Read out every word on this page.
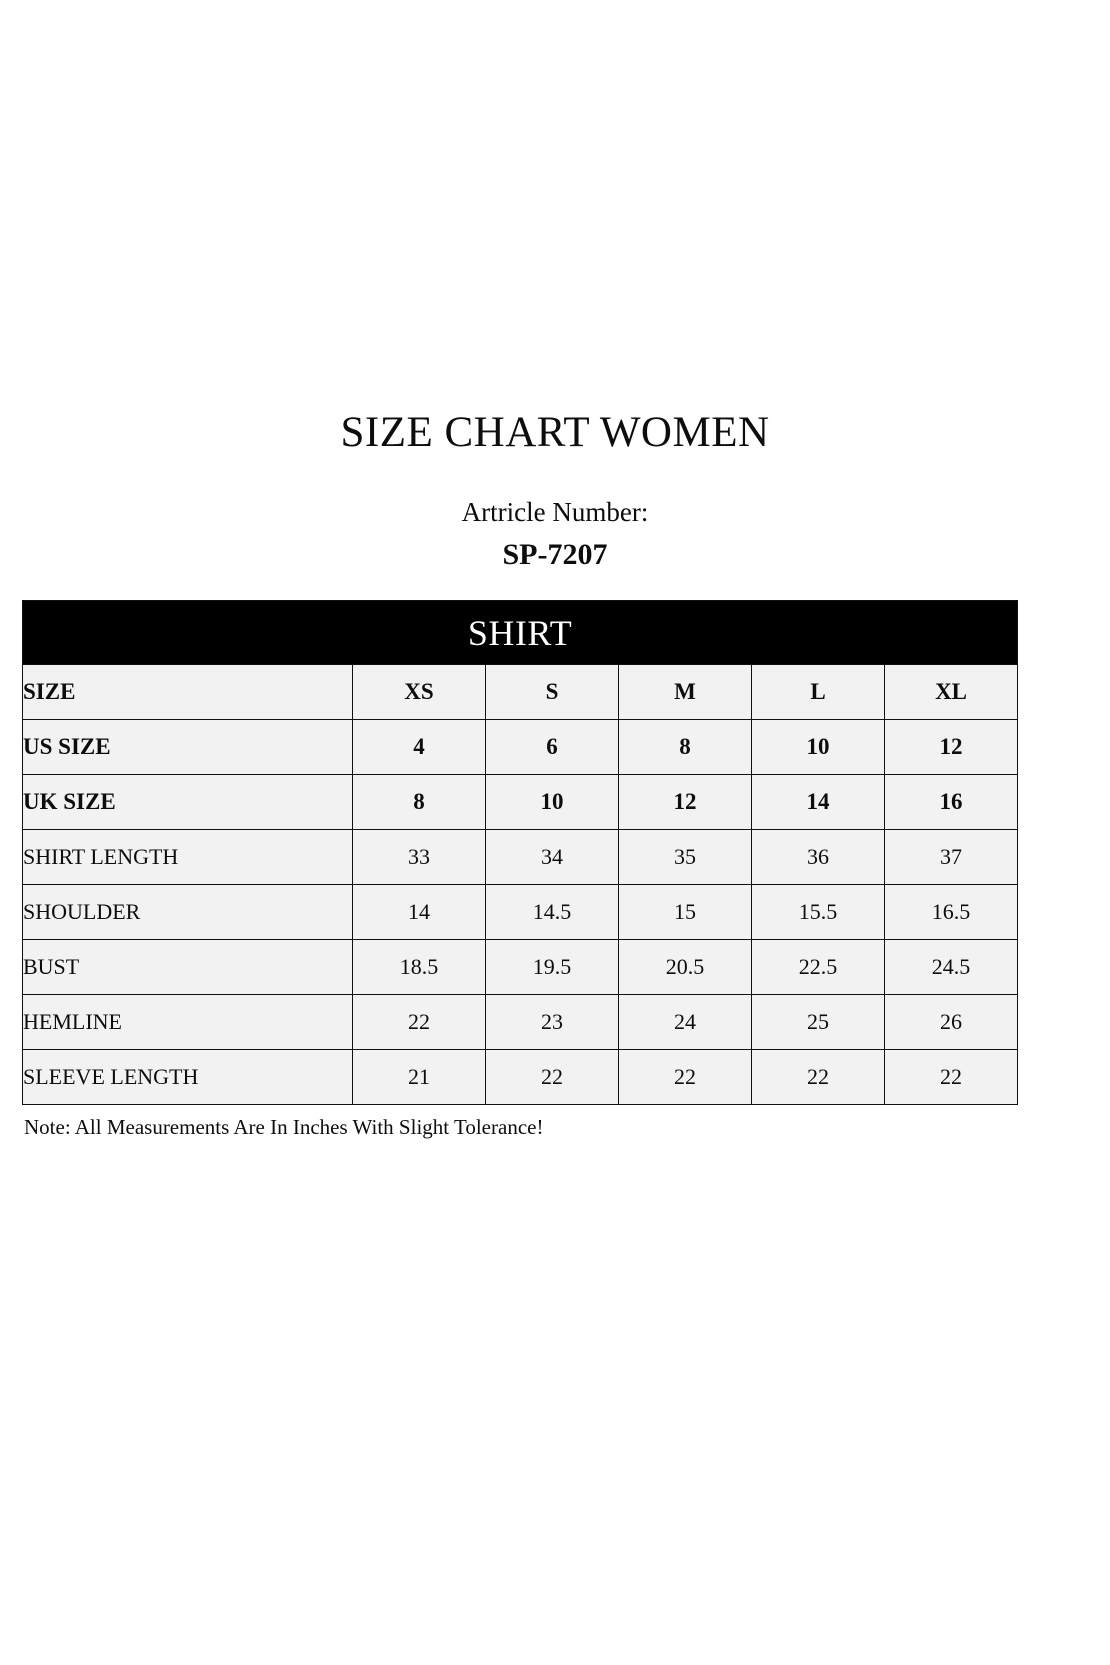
SIZE CHART WOMEN
Artricle Number:
SP-7207
SHIRT					
SIZE	XS	S	M	L	XL
US SIZE	4	6	8	10	12
UK SIZE	8	10	12	14	16
SHIRT LENGTH	33	34	35	36	37
SHOULDER	14	14.5	15	15.5	16.5
BUST	18.5	19.5	20.5	22.5	24.5
HEMLINE	22	23	24	25	26
SLEEVE LENGTH	21	22	22	22	22
Note: All Measurements Are In Inches With Slight Tolerance!
